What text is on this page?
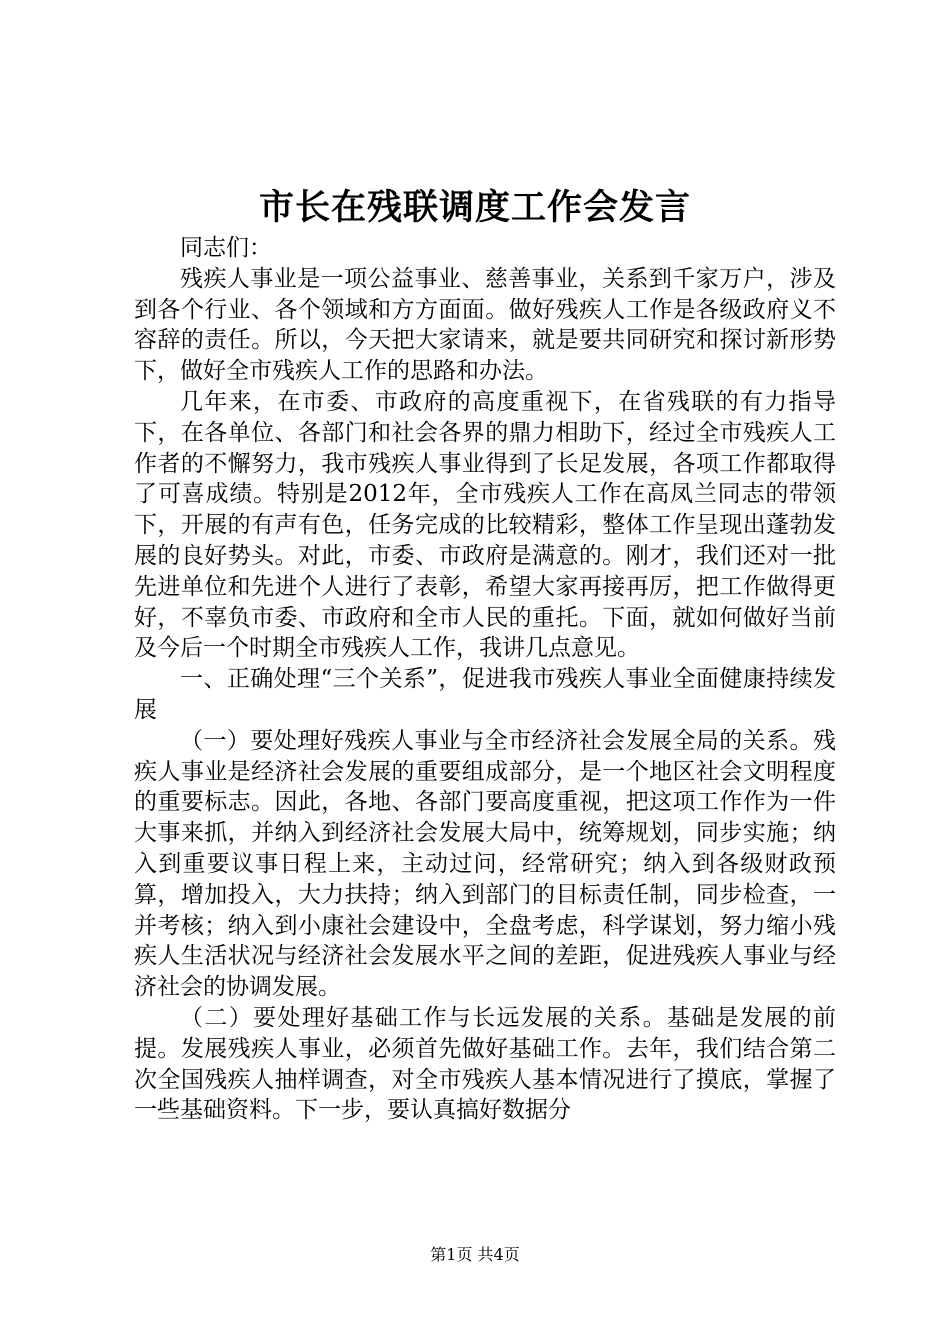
市长在残联调度工作会发言

同志们：

残疾人事业是一项公益事业、慈善事业，关系到千家万户，涉及到各个行业、各个领域和方方面面。做好残疾人工作是各级政府义不容辞的责任。所以，今天把大家请来，就是要共同研究和探讨新形势下，做好全市残疾人工作的思路和办法。

几年来，在市委、市政府的高度重视下，在省残联的有力指导下，在各单位、各部门和社会各界的鼎力相助下，经过全市残疾人工作者的不懈努力，我市残疾人事业得到了长足发展，各项工作都取得了可喜成绩。特别是2012年，全市残疾人工作在高凤兰同志的带领下，开展的有声有色，任务完成的比较精彩，整体工作呈现出蓬勃发展的良好势头。对此，市委、市政府是满意的。刚才，我们还对一批先进单位和先进个人进行了表彰，希望大家再接再厉，把工作做得更好，不辜负市委、市政府和全市人民的重托。下面，就如何做好当前及今后一个时期全市残疾人工作，我讲几点意见。

一、正确处理“三个关系”，促进我市残疾人事业全面健康持续发展

（一）要处理好残疾人事业与全市经济社会发展全局的关系。残疾人事业是经济社会发展的重要组成部分，是一个地区社会文明程度的重要标志。因此，各地、各部门要高度重视，把这项工作作为一件大事来抓，并纳入到经济社会发展大局中，统筹规划，同步实施；纳入到重要议事日程上来，主动过问，经常研究；纳入到各级财政预算，增加投入，大力扶持；纳入到部门的目标责任制，同步检查，一并考核；纳入到小康社会建设中，全盘考虑，科学谋划，努力缩小残疾人生活状况与经济社会发展水平之间的差距，促进残疾人事业与经济社会的协调发展。

（二）要处理好基础工作与长远发展的关系。基础是发展的前提。发展残疾人事业，必须首先做好基础工作。去年，我们结合第二次全国残疾人抽样调查，对全市残疾人基本情况进行了摸底，掌握了一些基础资料。下一步，要认真搞好数据分

第1页 共4页
